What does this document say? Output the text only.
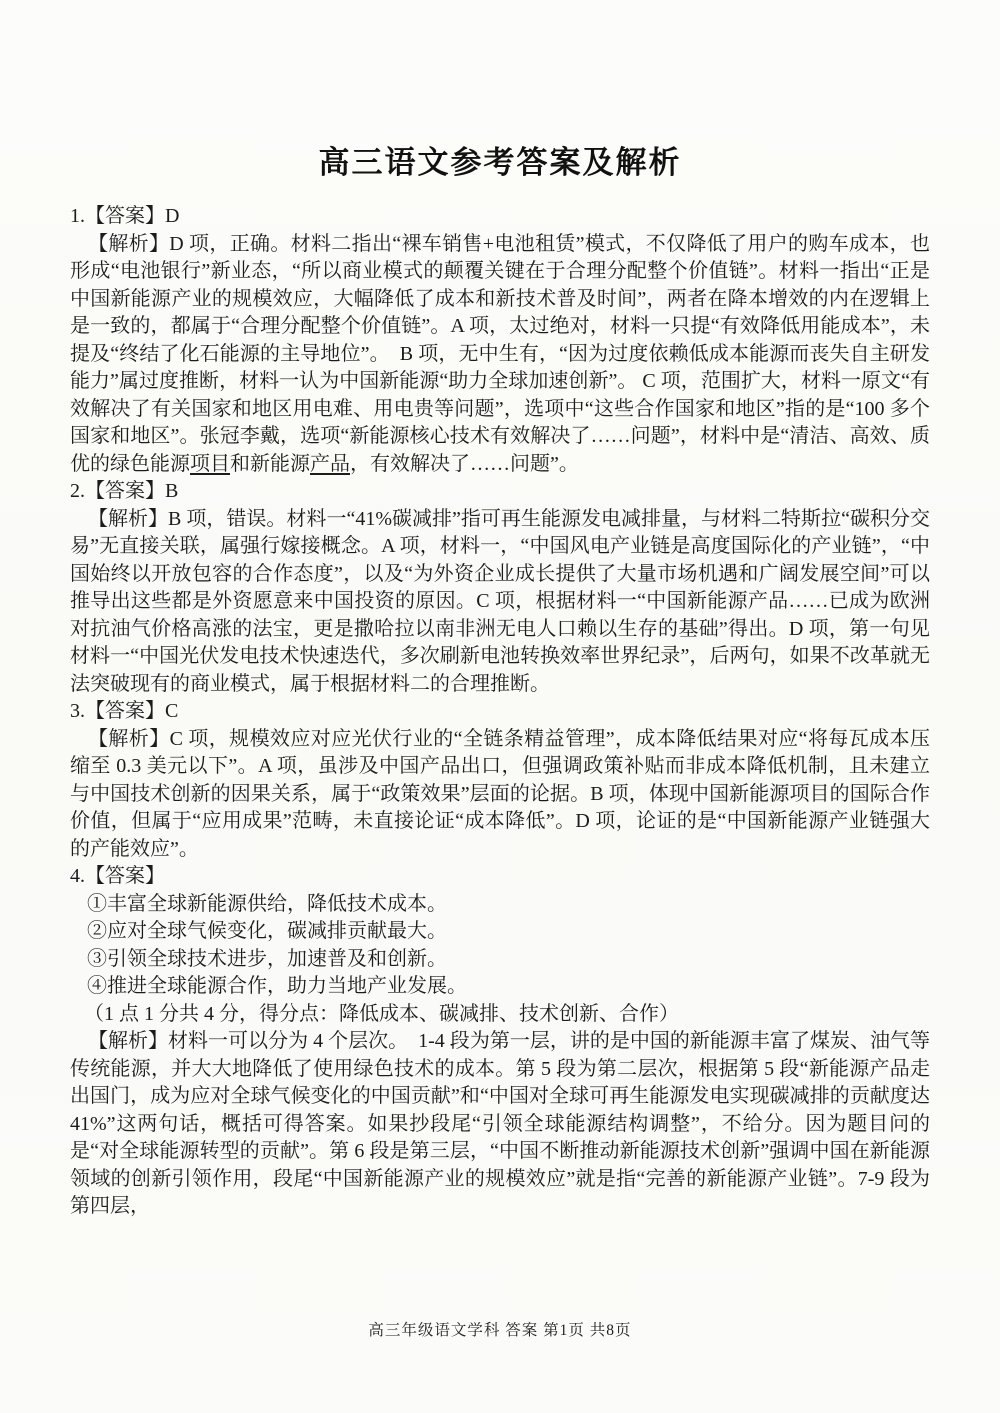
高三语文参考答案及解析

1.【答案】D

【解析】D 项，正确。材料二指出“裸车销售+电池租赁”模式，不仅降低了用户的购车成本，也形成“电池银行”新业态，“所以商业模式的颠覆关键在于合理分配整个价值链”。材料一指出“正是中国新能源产业的规模效应，大幅降低了成本和新技术普及时间”，两者在降本增效的内在逻辑上是一致的，都属于“合理分配整个价值链”。A 项，太过绝对，材料一只提“有效降低用能成本”，未提及“终结了化石能源的主导地位”。　B 项，无中生有，“因为过度依赖低成本能源而丧失自主研发能力”属过度推断，材料一认为中国新能源“助力全球加速创新”。 C 项，范围扩大，材料一原文“有效解决了有关国家和地区用电难、用电贵等问题”，选项中“这些合作国家和地区”指的是“100 多个国家和地区”。张冠李戴，选项“新能源核心技术有效解决了……问题”，材料中是“清洁、高效、质优的绿色能源项目和新能源产品，有效解决了……问题”。

2.【答案】B

【解析】B 项，错误。材料一“41%碳减排”指可再生能源发电减排量，与材料二特斯拉“碳积分交易”无直接关联，属强行嫁接概念。A 项，材料一，“中国风电产业链是高度国际化的产业链”，“中国始终以开放包容的合作态度”，以及“为外资企业成长提供了大量市场机遇和广阔发展空间”可以推导出这些都是外资愿意来中国投资的原因。C 项，根据材料一“中国新能源产品……已成为欧洲对抗油气价格高涨的法宝，更是撒哈拉以南非洲无电人口赖以生存的基础”得出。D 项，第一句见材料一“中国光伏发电技术快速迭代，多次刷新电池转换效率世界纪录”，后两句，如果不改革就无法突破现有的商业模式，属于根据材料二的合理推断。

3.【答案】C

【解析】C 项，规模效应对应光伏行业的“全链条精益管理”，成本降低结果对应“将每瓦成本压缩至 0.3 美元以下”。A 项，虽涉及中国产品出口，但强调政策补贴而非成本降低机制，且未建立与中国技术创新的因果关系，属于“政策效果”层面的论据。B 项，体现中国新能源项目的国际合作价值，但属于“应用成果”范畴，未直接论证“成本降低”。D 项，论证的是“中国新能源产业链强大的产能效应”。

4.【答案】

①丰富全球新能源供给，降低技术成本。

②应对全球气候变化，碳减排贡献最大。

③引领全球技术进步，加速普及和创新。

④推进全球能源合作，助力当地产业发展。

（1 点 1 分共 4 分，得分点：降低成本、碳减排、技术创新、合作）

【解析】材料一可以分为 4 个层次。　1-4 段为第一层，讲的是中国的新能源丰富了煤炭、油气等传统能源，并大大地降低了使用绿色技术的成本。第 5 段为第二层次，根据第 5 段“新能源产品走出国门，成为应对全球气候变化的中国贡献”和“中国对全球可再生能源发电实现碳减排的贡献度达 41%”这两句话，概括可得答案。如果抄段尾“引领全球能源结构调整”，不给分。因为题目问的是“对全球能源转型的贡献”。第 6 段是第三层，“中国不断推动新能源技术创新”强调中国在新能源领域的创新引领作用，段尾“中国新能源产业的规模效应”就是指“完善的新能源产业链”。7-9 段为第四层，

高三年级语文学科 答案 第1页 共8页
